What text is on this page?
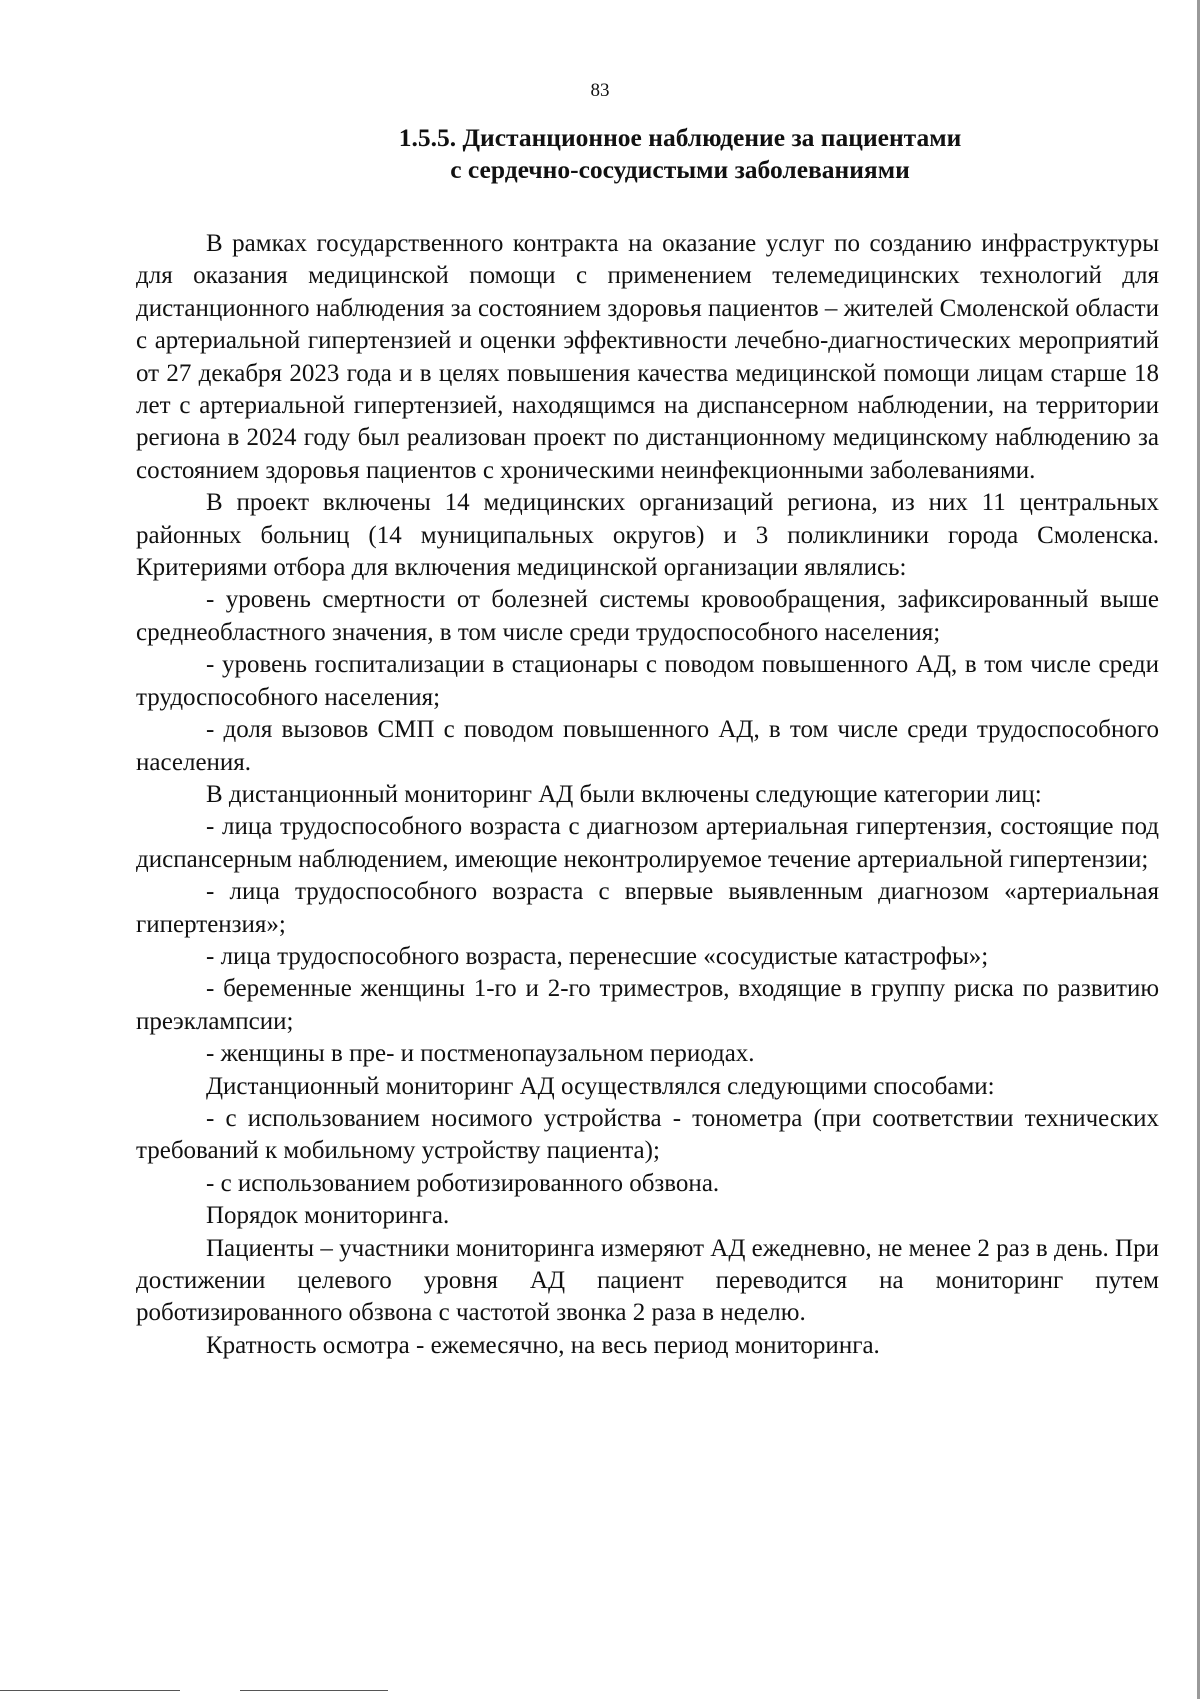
83
1.5.5. Дистанционное наблюдение за пациентами
с сердечно-сосудистыми заболеваниями

В рамках государственного контракта на оказание услуг по созданию инфраструктуры для оказания медицинской помощи с применением телемедицинских технологий для дистанционного наблюдения за состоянием здоровья пациентов – жителей Смоленской области с артериальной гипертензией и оценки эффективности лечебно-диагностических мероприятий от 27 декабря 2023 года и в целях повышения качества медицинской помощи лицам старше 18 лет с артериальной гипертензией, находящимся на диспансерном наблюдении, на территории региона в 2024 году был реализован проект по дистанционному медицинскому наблюдению за состоянием здоровья пациентов с хроническими неинфекционными заболеваниями.

В проект включены 14 медицинских организаций региона, из них 11 центральных районных больниц (14 муниципальных округов) и 3 поликлиники города Смоленска. Критериями отбора для включения медицинской организации являлись:

- уровень смертности от болезней системы кровообращения, зафиксированный выше среднеобластного значения, в том числе среди трудоспособного населения;

- уровень госпитализации в стационары с поводом повышенного АД, в том числе среди трудоспособного населения;

- доля вызовов СМП с поводом повышенного АД, в том числе среди трудоспособного населения.

В дистанционный мониторинг АД были включены следующие категории лиц:

- лица трудоспособного возраста с диагнозом артериальная гипертензия, состоящие под диспансерным наблюдением, имеющие неконтролируемое течение артериальной гипертензии;

- лица трудоспособного возраста с впервые выявленным диагнозом «артериальная гипертензия»;

- лица трудоспособного возраста, перенесшие «сосудистые катастрофы»;

- беременные женщины 1-го и 2-го триместров, входящие в группу риска по развитию преэклампсии;

- женщины в пре- и постменопаузальном периодах.

Дистанционный мониторинг АД осуществлялся следующими способами:

- с использованием носимого устройства - тонометра (при соответствии технических требований к мобильному устройству пациента);

- с использованием роботизированного обзвона.

Порядок мониторинга.

Пациенты – участники мониторинга измеряют АД ежедневно, не менее 2 раз в день. При достижении целевого уровня АД пациент переводится на мониторинг путем роботизированного обзвона с частотой звонка 2 раза в неделю.

Кратность осмотра - ежемесячно, на весь период мониторинга.
